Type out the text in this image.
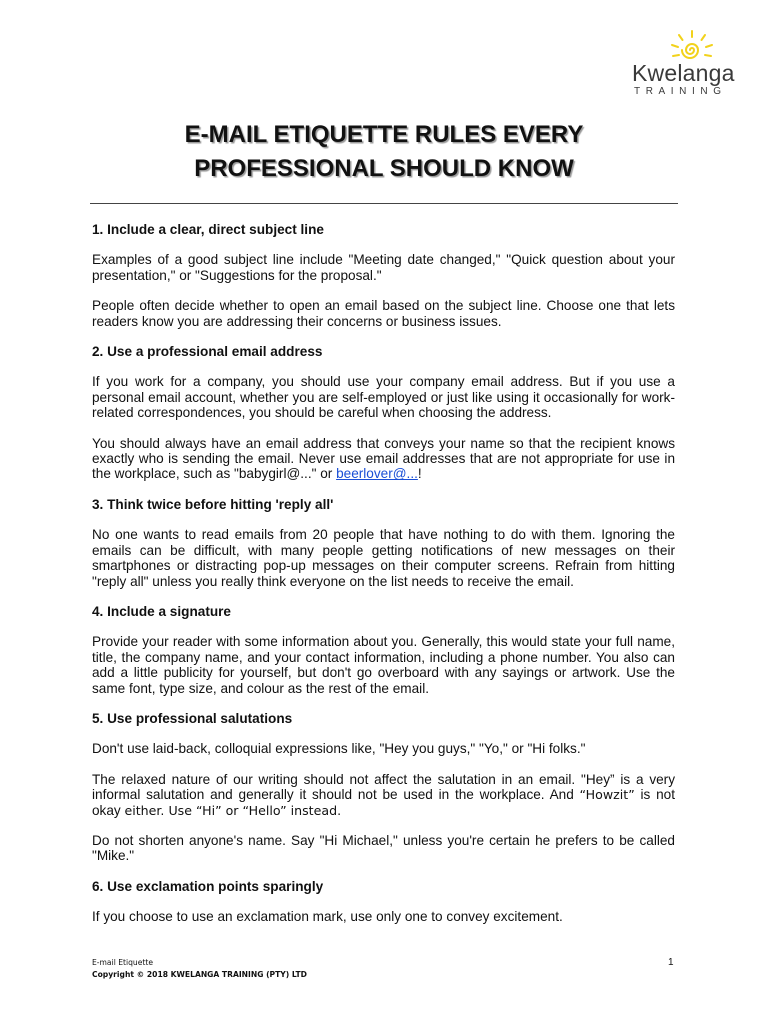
Kwelanga
TRAINING
E-MAIL ETIQUETTE RULES EVERY
PROFESSIONAL SHOULD KNOW
1. Include a clear, direct subject line

Examples of a good subject line include "Meeting date changed," "Quick question about your presentation," or "Suggestions for the proposal."

People often decide whether to open an email based on the subject line. Choose one that lets readers know you are addressing their concerns or business issues.

2. Use a professional email address

If you work for a company, you should use your company email address. But if you use a personal email account, whether you are self-employed or just like using it occasionally for work-related correspondences, you should be careful when choosing the address.

You should always have an email address that conveys your name so that the recipient knows exactly who is sending the email. Never use email addresses that are not appropriate for use in the workplace, such as "babygirl@..." or beerlover@...!

3. Think twice before hitting 'reply all'

No one wants to read emails from 20 people that have nothing to do with them. Ignoring the emails can be difficult, with many people getting notifications of new messages on their smartphones or distracting pop-up messages on their computer screens. Refrain from hitting "reply all" unless you really think everyone on the list needs to receive the email.

4. Include a signature

Provide your reader with some information about you. Generally, this would state your full name, title, the company name, and your contact information, including a phone number. You also can add a little publicity for yourself, but don't go overboard with any sayings or artwork. Use the same font, type size, and colour as the rest of the email.

5. Use professional salutations

Don't use laid-back, colloquial expressions like, "Hey you guys," "Yo," or "Hi folks."

The relaxed nature of our writing should not affect the salutation in an email. "Hey” is a very informal salutation and generally it should not be used in the workplace. And “Howzit” is not okay either. Use “Hi” or “Hello” instead.

Do not shorten anyone's name. Say "Hi Michael," unless you're certain he prefers to be called "Mike."

6. Use exclamation points sparingly

If you choose to use an exclamation mark, use only one to convey excitement.

E-mail Etiquette
Copyright © 2018 KWELANGA TRAINING (PTY) LTD
1
